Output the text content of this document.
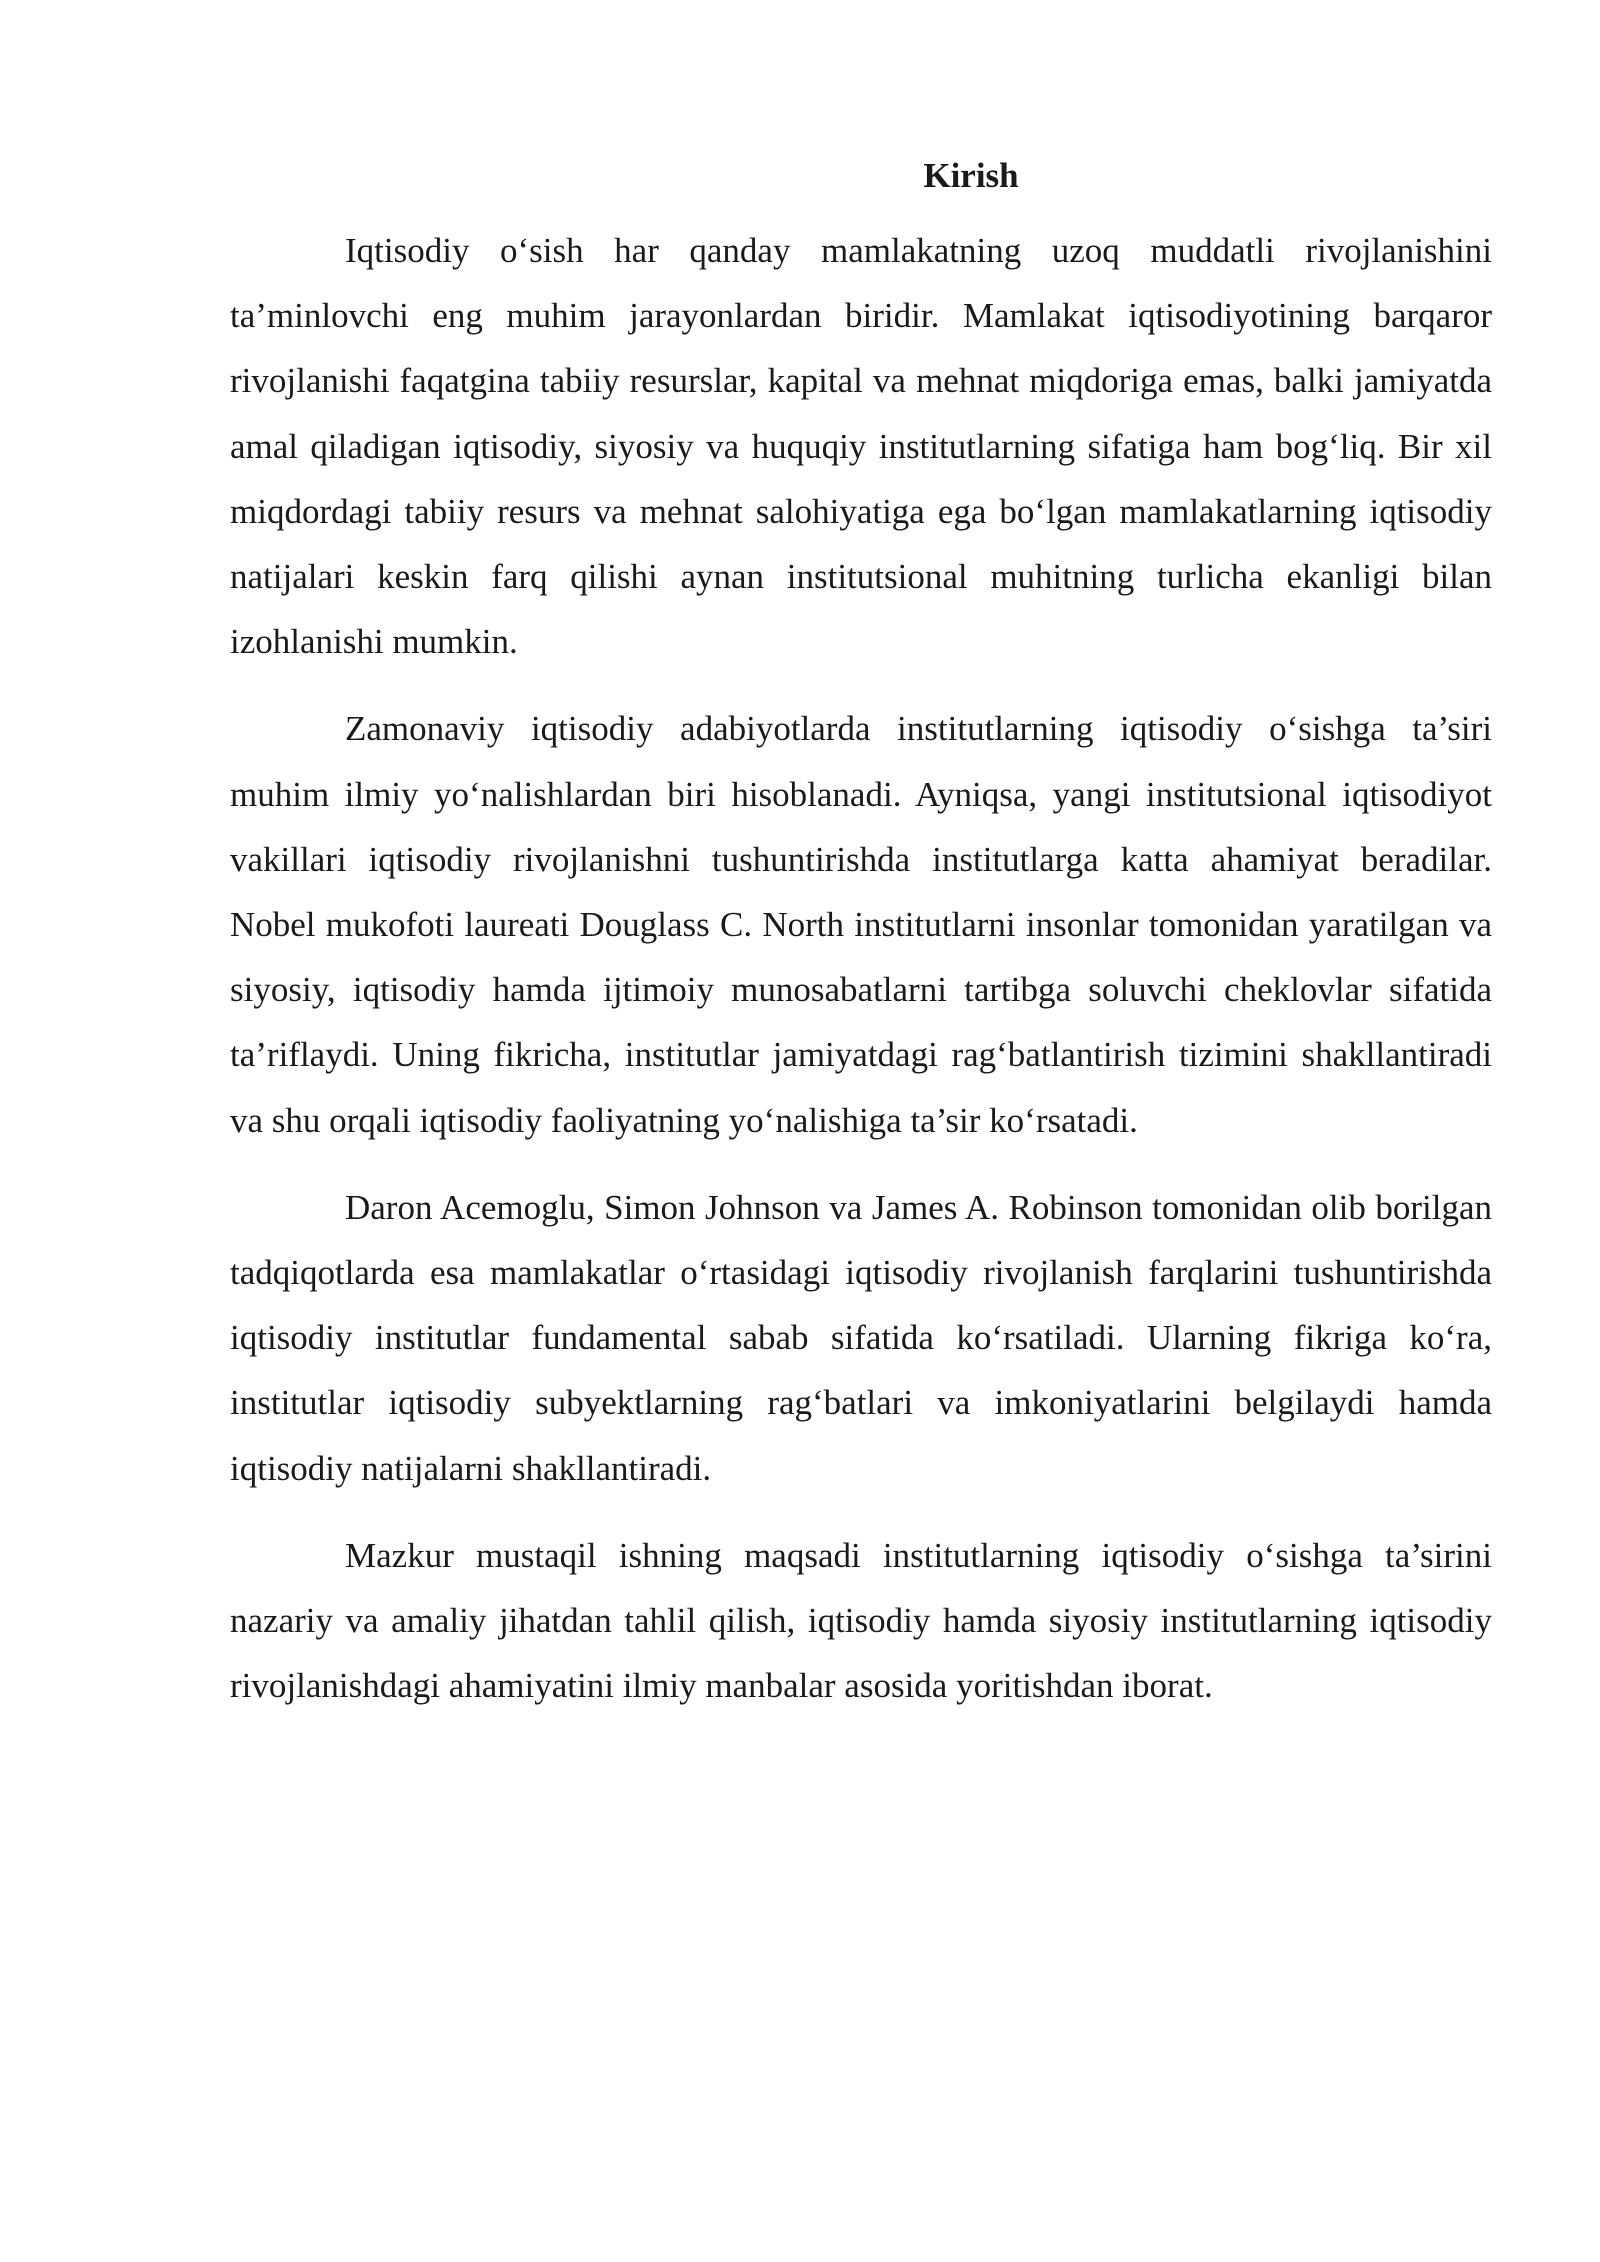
Kirish

Iqtisodiy o‘sish har qanday mamlakatning uzoq muddatli rivojlanishini ta’minlovchi eng muhim jarayonlardan biridir. Mamlakat iqtisodiyotining barqaror rivojlanishi faqatgina tabiiy resurslar, kapital va mehnat miqdoriga emas, balki jamiyatda amal qiladigan iqtisodiy, siyosiy va huquqiy institutlarning sifatiga ham bog‘liq. Bir xil miqdordagi tabiiy resurs va mehnat salohiyatiga ega bo‘lgan mamlakatlarning iqtisodiy natijalari keskin farq qilishi aynan institutsional muhitning turlicha ekanligi bilan izohlanishi mumkin.

Zamonaviy iqtisodiy adabiyotlarda institutlarning iqtisodiy o‘sishga ta’siri muhim ilmiy yo‘nalishlardan biri hisoblanadi. Ayniqsa, yangi institutsional iqtisodiyot vakillari iqtisodiy rivojlanishni tushuntirishda institutlarga katta ahamiyat beradilar. Nobel mukofoti laureati Douglass C. North institutlarni insonlar tomonidan yaratilgan va siyosiy, iqtisodiy hamda ijtimoiy munosabatlarni tartibga soluvchi cheklovlar sifatida ta’riflaydi. Uning fikricha, institutlar jamiyatdagi rag‘batlantirish tizimini shakllantiradi va shu orqali iqtisodiy faoliyatning yo‘nalishiga ta’sir ko‘rsatadi.

Daron Acemoglu, Simon Johnson va James A. Robinson tomonidan olib borilgan tadqiqotlarda esa mamlakatlar o‘rtasidagi iqtisodiy rivojlanish farqlarini tushuntirishda iqtisodiy institutlar fundamental sabab sifatida ko‘rsatiladi. Ularning fikriga ko‘ra, institutlar iqtisodiy subyektlarning rag‘batlari va imkoniyatlarini belgilaydi hamda iqtisodiy natijalarni shakllantiradi.

Mazkur mustaqil ishning maqsadi institutlarning iqtisodiy o‘sishga ta’sirini nazariy va amaliy jihatdan tahlil qilish, iqtisodiy hamda siyosiy institutlarning iqtisodiy rivojlanishdagi ahamiyatini ilmiy manbalar asosida yoritishdan iborat.
